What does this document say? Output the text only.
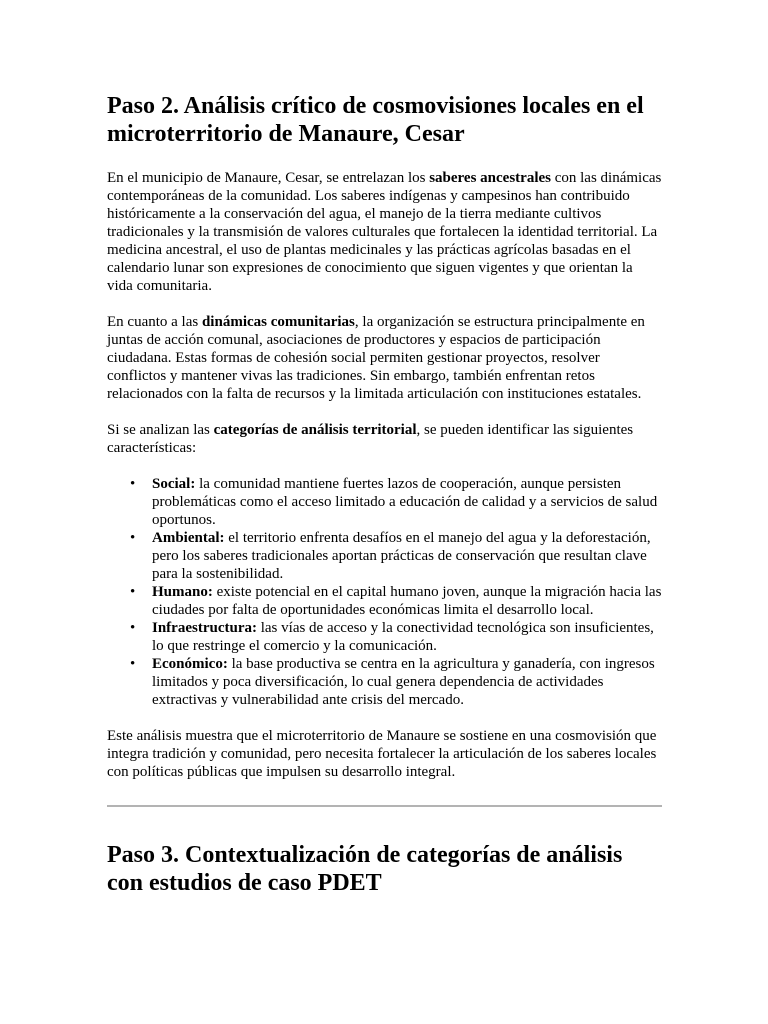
Paso 2. Análisis crítico de cosmovisiones locales en el microterritorio de Manaure, Cesar

En el municipio de Manaure, Cesar, se entrelazan los saberes ancestrales con las dinámicas contemporáneas de la comunidad. Los saberes indígenas y campesinos han contribuido históricamente a la conservación del agua, el manejo de la tierra mediante cultivos tradicionales y la transmisión de valores culturales que fortalecen la identidad territorial. La medicina ancestral, el uso de plantas medicinales y las prácticas agrícolas basadas en el calendario lunar son expresiones de conocimiento que siguen vigentes y que orientan la vida comunitaria.

En cuanto a las dinámicas comunitarias, la organización se estructura principalmente en juntas de acción comunal, asociaciones de productores y espacios de participación ciudadana. Estas formas de cohesión social permiten gestionar proyectos, resolver conflictos y mantener vivas las tradiciones. Sin embargo, también enfrentan retos relacionados con la falta de recursos y la limitada articulación con instituciones estatales.

Si se analizan las categorías de análisis territorial, se pueden identificar las siguientes características:

• Social: la comunidad mantiene fuertes lazos de cooperación, aunque persisten problemáticas como el acceso limitado a educación de calidad y a servicios de salud oportunos.
• Ambiental: el territorio enfrenta desafíos en el manejo del agua y la deforestación, pero los saberes tradicionales aportan prácticas de conservación que resultan clave para la sostenibilidad.
• Humano: existe potencial en el capital humano joven, aunque la migración hacia las ciudades por falta de oportunidades económicas limita el desarrollo local.
• Infraestructura: las vías de acceso y la conectividad tecnológica son insuficientes, lo que restringe el comercio y la comunicación.
• Económico: la base productiva se centra en la agricultura y ganadería, con ingresos limitados y poca diversificación, lo cual genera dependencia de actividades extractivas y vulnerabilidad ante crisis del mercado.

Este análisis muestra que el microterritorio de Manaure se sostiene en una cosmovisión que integra tradición y comunidad, pero necesita fortalecer la articulación de los saberes locales con políticas públicas que impulsen su desarrollo integral.

Paso 3. Contextualización de categorías de análisis con estudios de caso PDET
